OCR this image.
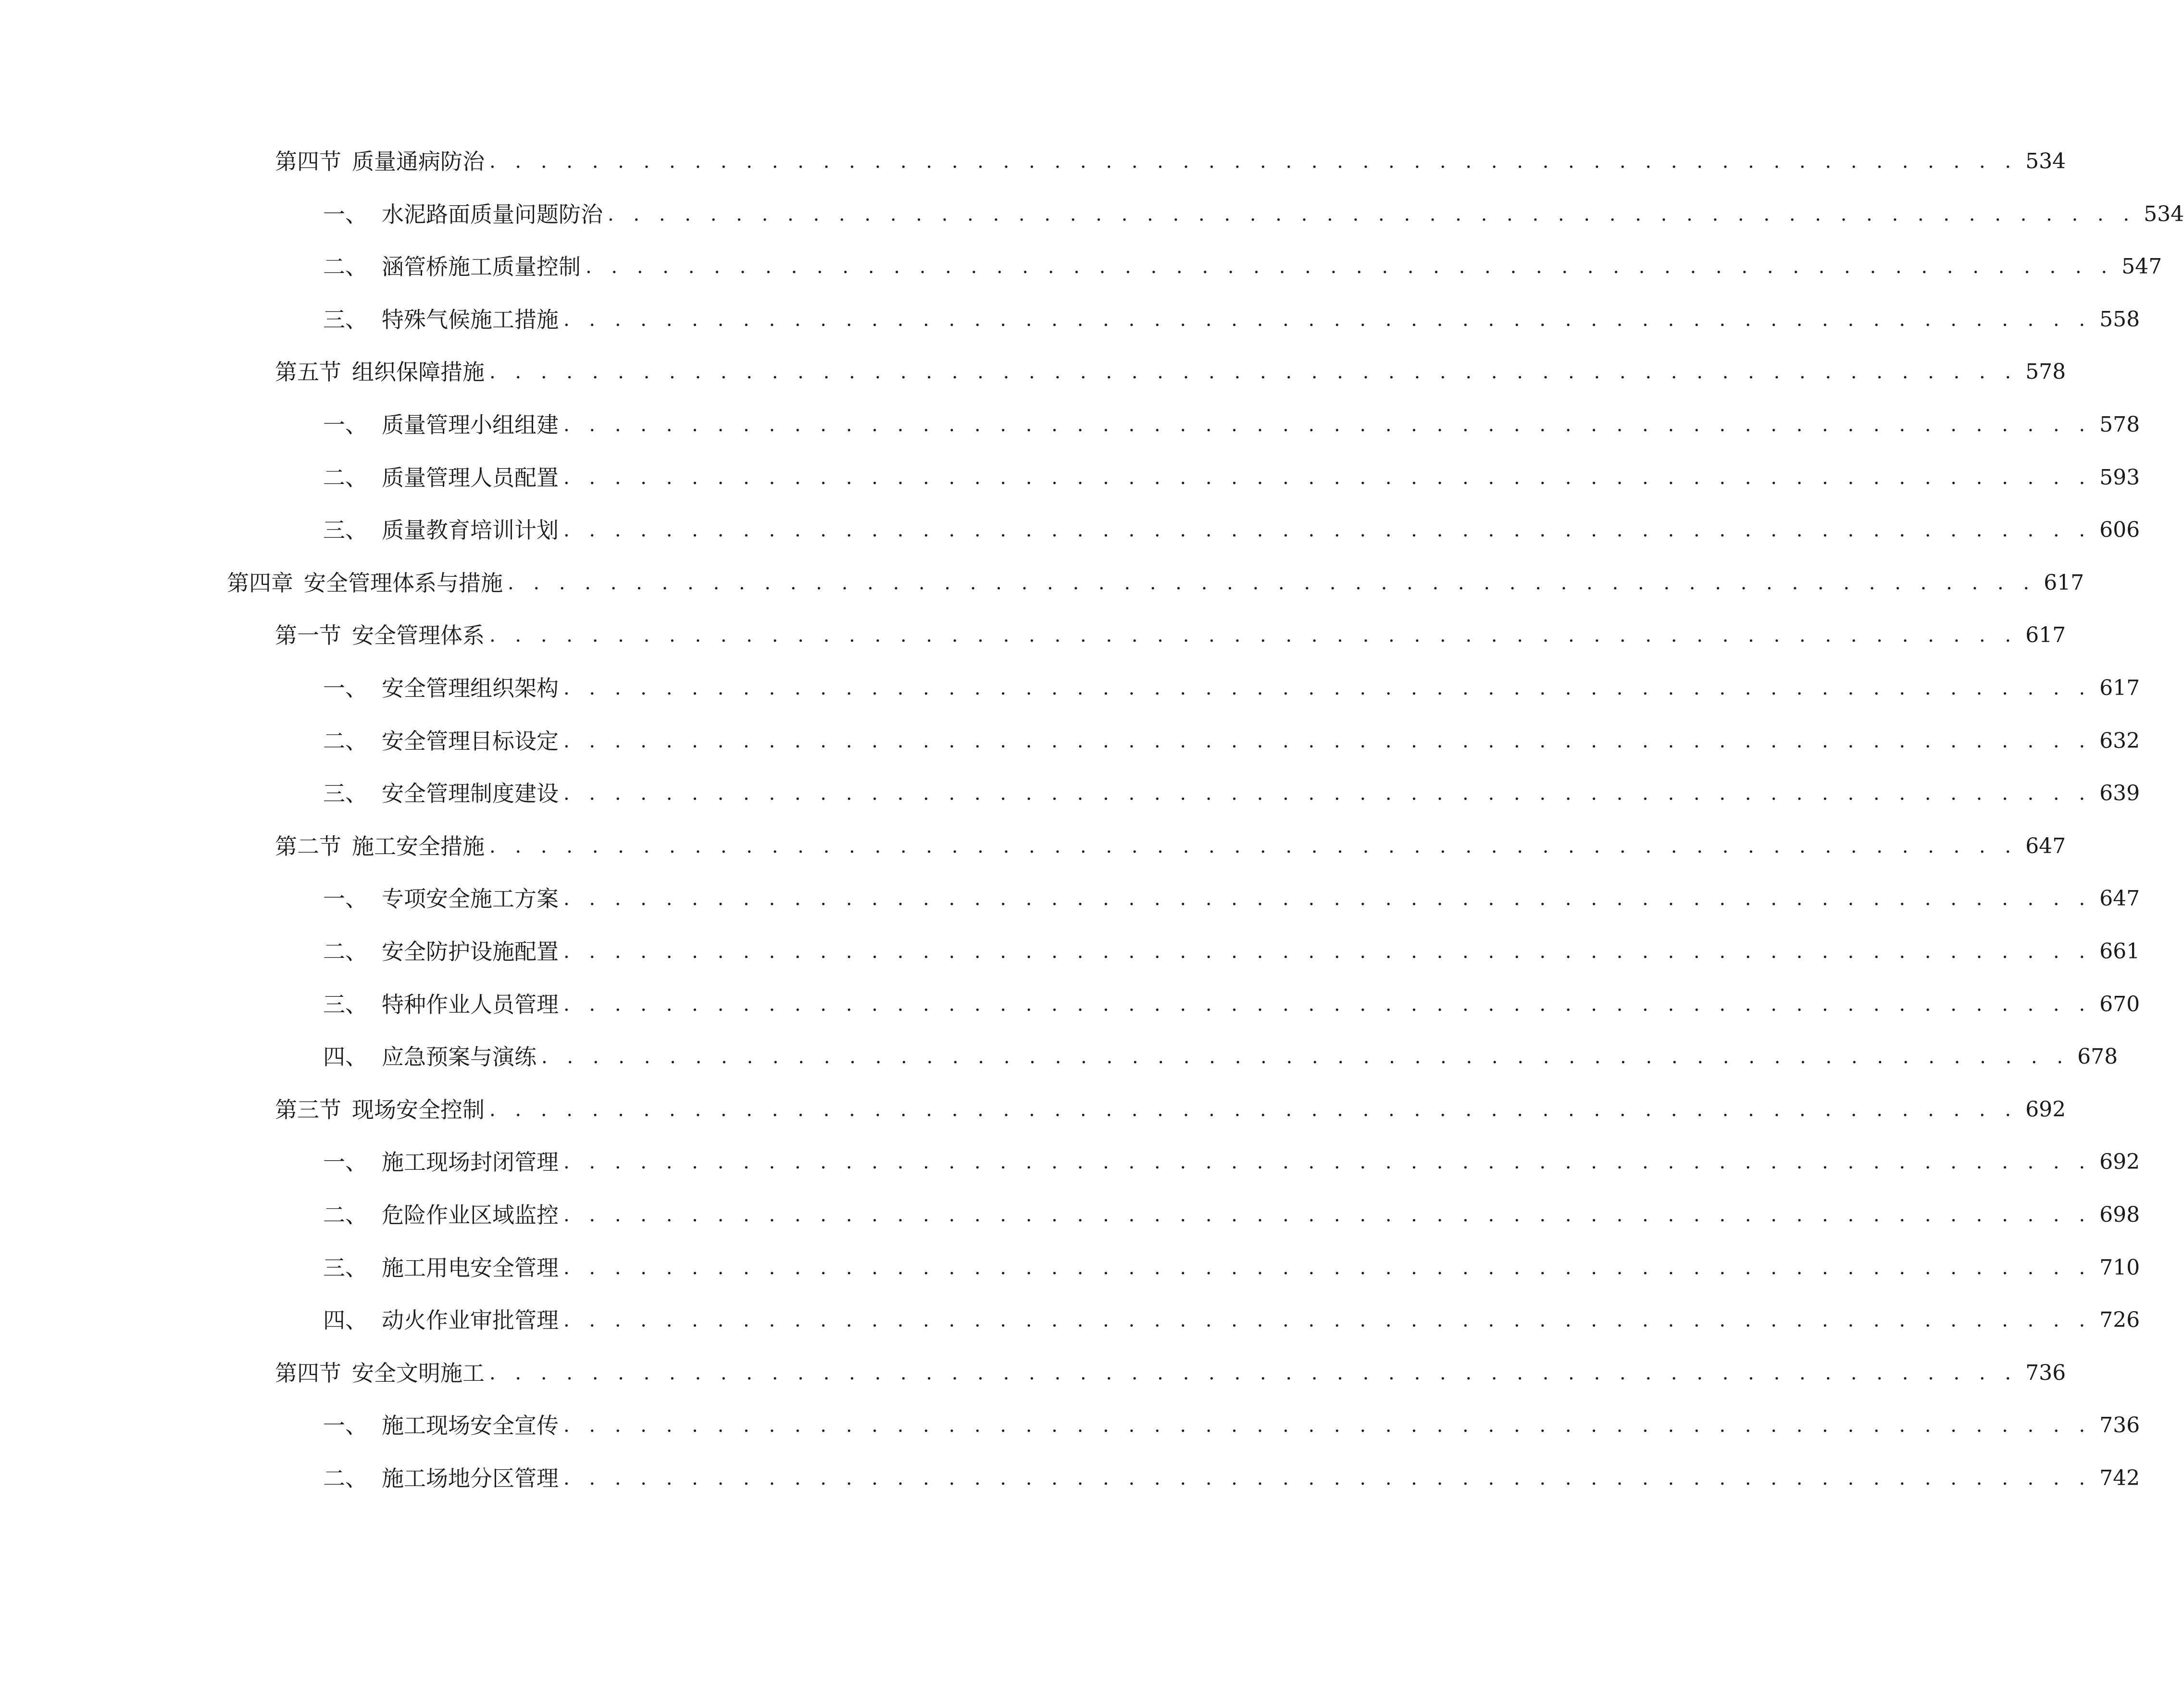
第四节 质量通病防治 . . . . . . . . . . . . . . . . . . . . . . . . . . . . . . . . . . . . . . . . . . . . . . . . . . . . . . . . . . . . 534
一、 水泥路面质量问题防治 . . . . . . . . . . . . . . . . . . . . . . . . . . . . . . . . . . . . . . . . . . . . . . . . . . . . . . . . . . . . 534
二、 涵管桥施工质量控制 . . . . . . . . . . . . . . . . . . . . . . . . . . . . . . . . . . . . . . . . . . . . . . . . . . . . . . . . . . . . 547
三、 特殊气候施工措施 . . . . . . . . . . . . . . . . . . . . . . . . . . . . . . . . . . . . . . . . . . . . . . . . . . . . . . . . . . . . 558
第五节 组织保障措施 . . . . . . . . . . . . . . . . . . . . . . . . . . . . . . . . . . . . . . . . . . . . . . . . . . . . . . . . . . . . 578
一、 质量管理小组组建 . . . . . . . . . . . . . . . . . . . . . . . . . . . . . . . . . . . . . . . . . . . . . . . . . . . . . . . . . . . . 578
二、 质量管理人员配置 . . . . . . . . . . . . . . . . . . . . . . . . . . . . . . . . . . . . . . . . . . . . . . . . . . . . . . . . . . . . 593
三、 质量教育培训计划 . . . . . . . . . . . . . . . . . . . . . . . . . . . . . . . . . . . . . . . . . . . . . . . . . . . . . . . . . . . . 606
第四章 安全管理体系与措施 . . . . . . . . . . . . . . . . . . . . . . . . . . . . . . . . . . . . . . . . . . . . . . . . . . . . . . . . . . . . 617
第一节 安全管理体系 . . . . . . . . . . . . . . . . . . . . . . . . . . . . . . . . . . . . . . . . . . . . . . . . . . . . . . . . . . . . 617
一、 安全管理组织架构 . . . . . . . . . . . . . . . . . . . . . . . . . . . . . . . . . . . . . . . . . . . . . . . . . . . . . . . . . . . . 617
二、 安全管理目标设定 . . . . . . . . . . . . . . . . . . . . . . . . . . . . . . . . . . . . . . . . . . . . . . . . . . . . . . . . . . . . 632
三、 安全管理制度建设 . . . . . . . . . . . . . . . . . . . . . . . . . . . . . . . . . . . . . . . . . . . . . . . . . . . . . . . . . . . . 639
第二节 施工安全措施 . . . . . . . . . . . . . . . . . . . . . . . . . . . . . . . . . . . . . . . . . . . . . . . . . . . . . . . . . . . . 647
一、 专项安全施工方案 . . . . . . . . . . . . . . . . . . . . . . . . . . . . . . . . . . . . . . . . . . . . . . . . . . . . . . . . . . . . 647
二、 安全防护设施配置 . . . . . . . . . . . . . . . . . . . . . . . . . . . . . . . . . . . . . . . . . . . . . . . . . . . . . . . . . . . . 661
三、 特种作业人员管理 . . . . . . . . . . . . . . . . . . . . . . . . . . . . . . . . . . . . . . . . . . . . . . . . . . . . . . . . . . . . 670
四、 应急预案与演练 . . . . . . . . . . . . . . . . . . . . . . . . . . . . . . . . . . . . . . . . . . . . . . . . . . . . . . . . . . . . 678
第三节 现场安全控制 . . . . . . . . . . . . . . . . . . . . . . . . . . . . . . . . . . . . . . . . . . . . . . . . . . . . . . . . . . . . 692
一、 施工现场封闭管理 . . . . . . . . . . . . . . . . . . . . . . . . . . . . . . . . . . . . . . . . . . . . . . . . . . . . . . . . . . . . 692
二、 危险作业区域监控 . . . . . . . . . . . . . . . . . . . . . . . . . . . . . . . . . . . . . . . . . . . . . . . . . . . . . . . . . . . . 698
三、 施工用电安全管理 . . . . . . . . . . . . . . . . . . . . . . . . . . . . . . . . . . . . . . . . . . . . . . . . . . . . . . . . . . . . 710
四、 动火作业审批管理 . . . . . . . . . . . . . . . . . . . . . . . . . . . . . . . . . . . . . . . . . . . . . . . . . . . . . . . . . . . . 726
第四节 安全文明施工 . . . . . . . . . . . . . . . . . . . . . . . . . . . . . . . . . . . . . . . . . . . . . . . . . . . . . . . . . . . . 736
一、 施工现场安全宣传 . . . . . . . . . . . . . . . . . . . . . . . . . . . . . . . . . . . . . . . . . . . . . . . . . . . . . . . . . . . . 736
二、 施工场地分区管理 . . . . . . . . . . . . . . . . . . . . . . . . . . . . . . . . . . . . . . . . . . . . . . . . . . . . . . . . . . . . 742
